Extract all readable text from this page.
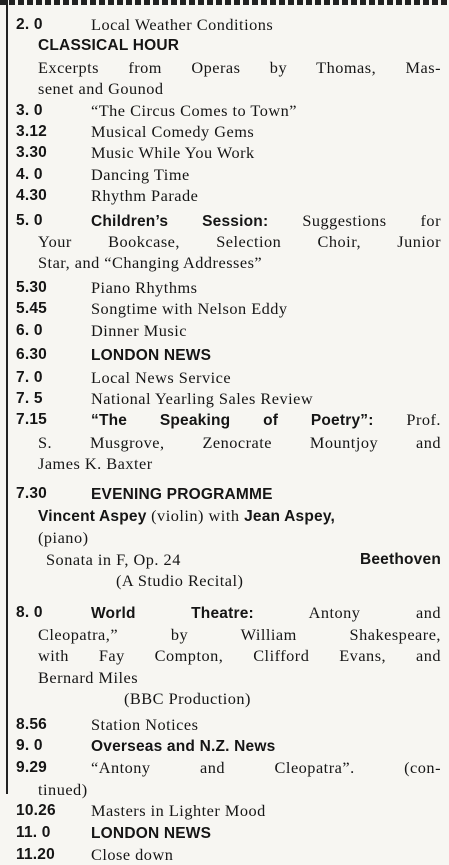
2. 0	Local Weather Conditions
CLASSICAL HOUR
Excerpts from Operas by Thomas, Mas-
senet and Gounod
3. 0	“The Circus Comes to Town”
3.12	Musical Comedy Gems
3.30	Music While You Work
4. 0	Dancing Time
4.30	Rhythm Parade
5. 0	Children’s Session: Suggestions for
Your Bookcase, Selection Choir, Junior
Star, and “Changing Addresses”
5.30	Piano Rhythms
5.45	Songtime with Nelson Eddy
6. 0	Dinner Music
6.30	LONDON NEWS
7. 0	Local News Service
7. 5	National Yearling Sales Review
7.15	“The Speaking of Poetry”: Prof.
S. Musgrove, Zenocrate Mountjoy and
James K. Baxter
7.30	EVENING PROGRAMME
Vincent Aspey (violin) with Jean Aspey,
(piano)
Sonata in F, Op. 24	Beethoven
(A Studio Recital)
8. 0	World Theatre:	Antony and
Cleopatra,” by William Shakespeare,
with Fay Compton, Clifford Evans, and
Bernard Miles
(BBC Production)
8.56	Station Notices
9. 0	Overseas and N.Z. News
9.29	“Antony and Cleopatra”. (con-
tinued)
10.26 Masters in Lighter Mood
11. 0	LONDON NEWS
11.20 Close down
